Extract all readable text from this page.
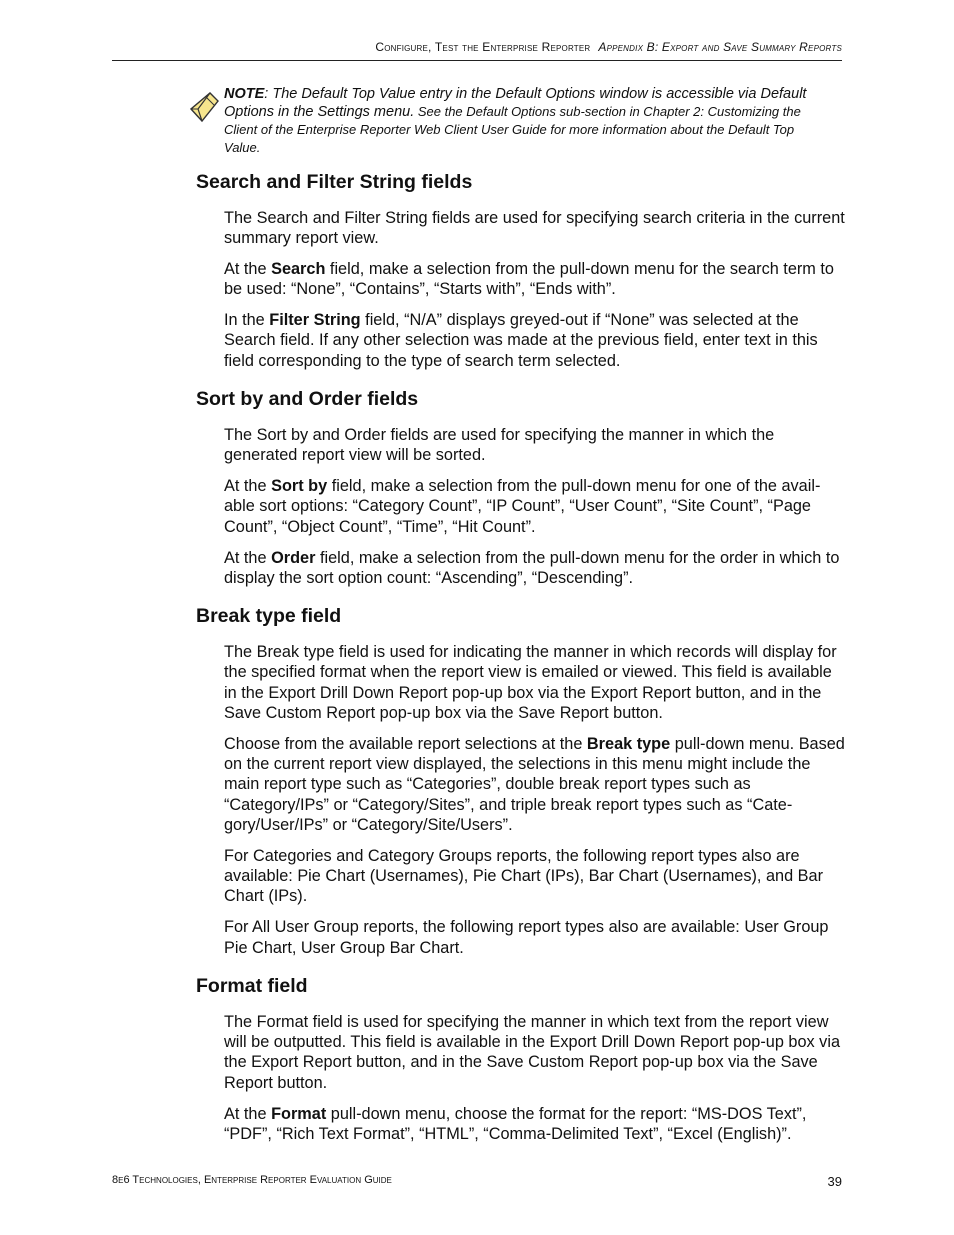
Configure, Test the Enterprise Reporter Appendix B: Export and Save Summary Reports
NOTE: The Default Top Value entry in the Default Options window is accessible via Default Options in the Settings menu. See the Default Options sub-section in Chapter 2: Customizing the Client of the Enterprise Reporter Web Client User Guide for more information about the Default Top Value.
Search and Filter String fields

The Search and Filter String fields are used for specifying search criteria in the current summary report view.

At the Search field, make a selection from the pull-down menu for the search term to be used: “None”, “Contains”, “Starts with”, “Ends with”.

In the Filter String field, “N/A” displays greyed-out if “None” was selected at the Search field. If any other selection was made at the previous field, enter text in this field corresponding to the type of search term selected.

Sort by and Order fields

The Sort by and Order fields are used for specifying the manner in which the generated report view will be sorted.

At the Sort by field, make a selection from the pull-down menu for one of the avail-able sort options: “Category Count”, “IP Count”, “User Count”, “Site Count”, “Page Count”, “Object Count”, “Time”, “Hit Count”.

At the Order field, make a selection from the pull-down menu for the order in which to display the sort option count: “Ascending”, “Descending”.

Break type field

The Break type field is used for indicating the manner in which records will display for the specified format when the report view is emailed or viewed. This field is available in the Export Drill Down Report pop-up box via the Export Report button, and in the Save Custom Report pop-up box via the Save Report button.

Choose from the available report selections at the Break type pull-down menu. Based on the current report view displayed, the selections in this menu might include the main report type such as “Categories”, double break report types such as “Category/IPs” or “Category/Sites”, and triple break report types such as “Cate-gory/User/IPs” or “Category/Site/Users”.

For Categories and Category Groups reports, the following report types also are available: Pie Chart (Usernames), Pie Chart (IPs), Bar Chart (Usernames), and Bar Chart (IPs).

For All User Group reports, the following report types also are available: User Group Pie Chart, User Group Bar Chart.

Format field

The Format field is used for specifying the manner in which text from the report view will be outputted. This field is available in the Export Drill Down Report pop-up box via the Export Report button, and in the Save Custom Report pop-up box via the Save Report button.

At the Format pull-down menu, choose the format for the report: “MS-DOS Text”, “PDF”, “Rich Text Format”, “HTML”, “Comma-Delimited Text”, “Excel (English)”.

8e6 Technologies, Enterprise Reporter Evaluation Guide	39
